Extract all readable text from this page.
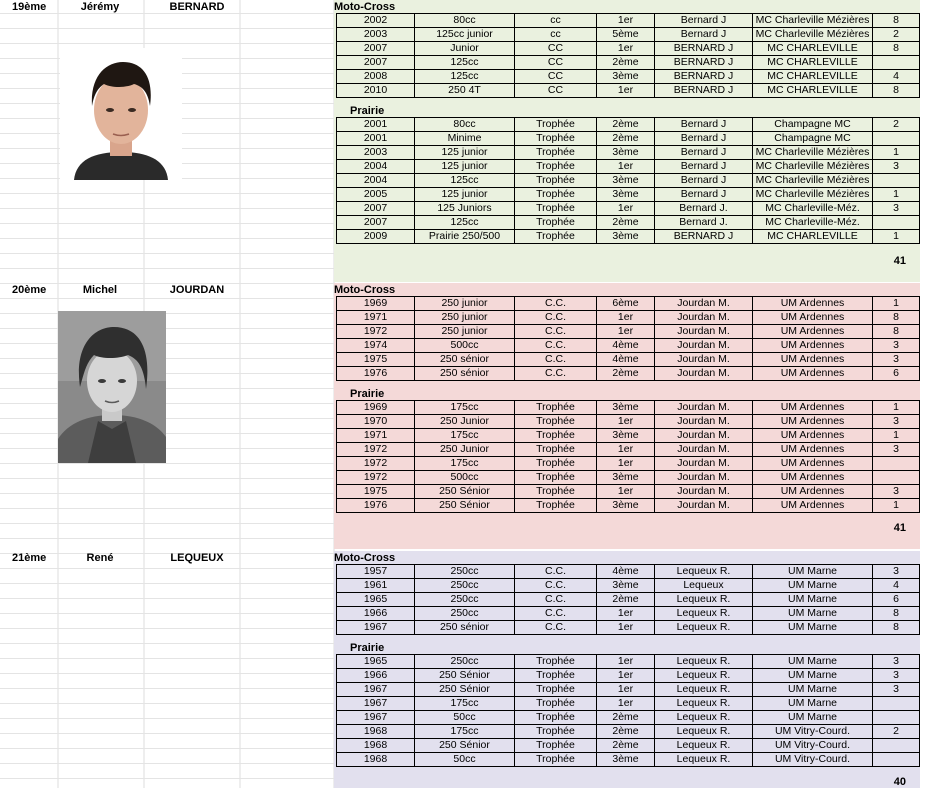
19ème	Jérémy	BERNARD	Moto-Cross
2002	80cc	cc	1er	Bernard J	MC Charleville Mézières	8
2003	125cc junior	cc	5ème	Bernard J	MC Charleville Mézières	2
2007	Junior	CC	1er	BERNARD J	MC CHARLEVILLE	8
2007	125cc	CC	2ème	BERNARD J	MC CHARLEVILLE	
2008	125cc	CC	3ème	BERNARD J	MC CHARLEVILLE	4
2010	250 4T	CC	1er	BERNARD J	MC CHARLEVILLE	8
Prairie
2001	80cc	Trophée	2ème	Bernard J	Champagne MC	2
2001	Minime	Trophée	2ème	Bernard J	Champagne MC	
2003	125 junior	Trophée	3ème	Bernard J	MC Charleville Mézières	1
2004	125 junior	Trophée	1er	Bernard J	MC Charleville Mézières	3
2004	125cc	Trophée	3ème	Bernard J	MC Charleville Mézières	
2005	125 junior	Trophée	3ème	Bernard J	MC Charleville Mézières	1
2007	125 Juniors	Trophée	1er	Bernard J.	MC Charleville-Méz.	3
2007	125cc	Trophée	2ème	Bernard J.	MC Charleville-Méz.	
2009	Prairie 250/500	Trophée	3ème	BERNARD J	MC CHARLEVILLE	1
41
20ème	Michel	JOURDAN	Moto-Cross
1969	250 junior	C.C.	6ème	Jourdan M.	UM Ardennes	1
1971	250 junior	C.C.	1er	Jourdan M.	UM Ardennes	8
1972	250 junior	C.C.	1er	Jourdan M.	UM Ardennes	8
1974	500cc	C.C.	4ème	Jourdan M.	UM Ardennes	3
1975	250 sénior	C.C.	4ème	Jourdan M.	UM Ardennes	3
1976	250 sénior	C.C.	2ème	Jourdan M.	UM Ardennes	6
Prairie
1969	175cc	Trophée	3ème	Jourdan M.	UM Ardennes	1
1970	250 Junior	Trophée	1er	Jourdan M.	UM Ardennes	3
1971	175cc	Trophée	3ème	Jourdan M.	UM Ardennes	1
1972	250 Junior	Trophée	1er	Jourdan M.	UM Ardennes	3
1972	175cc	Trophée	1er	Jourdan M.	UM Ardennes	
1972	500cc	Trophée	3ème	Jourdan M.	UM Ardennes	
1975	250 Sénior	Trophée	1er	Jourdan M.	UM Ardennes	3
1976	250 Sénior	Trophée	3ème	Jourdan M.	UM Ardennes	1
41
21ème	René	LEQUEUX	Moto-Cross
1957	250cc	C.C.	4ème	Lequeux R.	UM Marne	3
1961	250cc	C.C.	3ème	Lequeux	UM Marne	4
1965	250cc	C.C.	2ème	Lequeux R.	UM Marne	6
1966	250cc	C.C.	1er	Lequeux R.	UM Marne	8
1967	250 sénior	C.C.	1er	Lequeux R.	UM Marne	8
Prairie
1965	250cc	Trophée	1er	Lequeux R.	UM Marne	3
1966	250 Sénior	Trophée	1er	Lequeux R.	UM Marne	3
1967	250 Sénior	Trophée	1er	Lequeux R.	UM Marne	3
1967	175cc	Trophée	1er	Lequeux R.	UM Marne	
1967	50cc	Trophée	2ème	Lequeux R.	UM Marne	
1968	175cc	Trophée	2ème	Lequeux R.	UM Vitry-Courd.	2
1968	250 Sénior	Trophée	2ème	Lequeux R.	UM Vitry-Courd.	
1968	50cc	Trophée	3ème	Lequeux R.	UM Vitry-Courd.	
40
